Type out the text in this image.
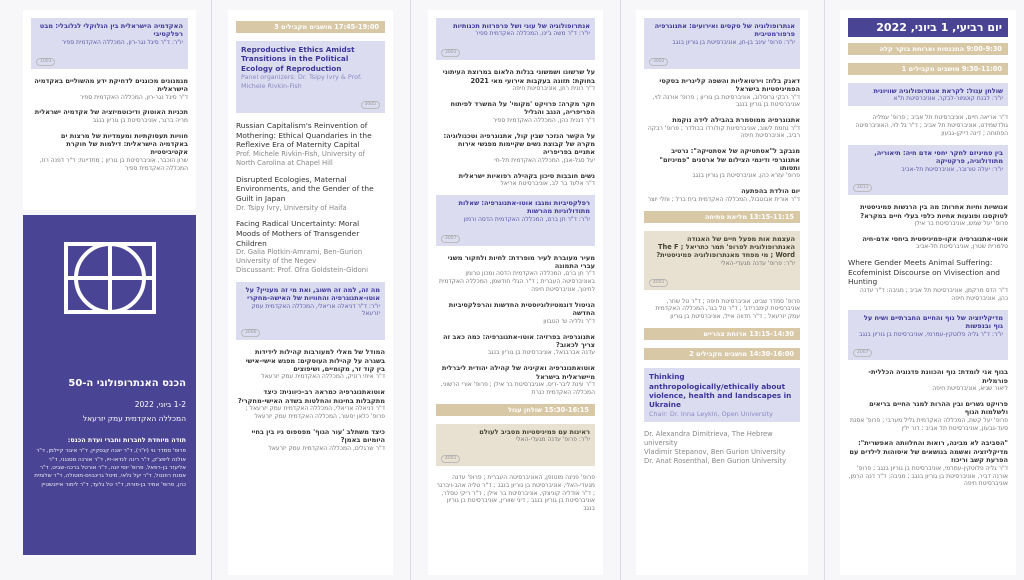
האקדמיה הישראלית בין הגלוקלי לגלובלי: מבט רפלקסיבי
יו"ר: ד"ר סיגל נגר-רון, המכללה האקדמית ספיר
1003
מגמנונים מכוננים לדחיקת ידע מהשוליים באקדמיה הישראלית
ד"ר סיגל נגר-רון, המכללה האקדמית ספיר
תכניות האוטוק ודיכוטמיזציה של אקדמיה ישראלית
מריה ברגר, אוניברסיטת בן גוריון בנגב
חוויות תעסוקתיות ומעמדיות של מרצות ים באקדמיה הישראלית: דילמות של חוקרת אקטיביסטית
שרון הוכבר, אוניברסיטת בן גוריון ; מתדיינת: ד"ר דפנה רוז, המכללה האקדמית ספיר
הכנס האנתרופולוגי ה-50
1-2 ביוני, 2022
המכללה האקדמית עמק יזרעאל
תודה מיוחדת לחברות וחברי ועדת הכנס:
פרופ' סמדר נוי (יו"ר), ד"ר יאנה קנסקיין, ד"ר איגור קיילמן, ד"ר אולנה ליפצ'ק, ד"ר רינה לנדאו-זיו, ד"ר אורנה ססנגני, ד"ר אליעזר בן-רפאל, פרופ' יוסי יונה, ד"ר אורטל ברכה-שביט, ד"ר אסנת רוזנטל, ד"ר יעל גלאי, מיטל גרינבוים-מוטולה, ד"ר שלומית כהן, פרופ' אמיר בן-פורת, ד"ר טל גלעד, ד"ר לימור אייזנשטיין
17:45-19:00 מושבים מקבילים 3
Reproductive Ethics Amidst Transitions in the Political Ecology of Reproduction
Panel organizers: Dr. Tsipy Ivry & Prof. Michele Rivkin-Fish
3005
Russian Capitalism's Reinvention of Mothering: Ethical Quandaries in the Reflexive Era of Maternity Capital
Prof. Michele Rivkin-Fish, University of North Carolina at Chapel Hill
Disrupted Ecologies, Maternal Environments, and the Gender of the Guilt in Japan
Dr. Tsipy Ivry, University of Haifa
Facing Radical Uncertainty: Moral Moods of Mothers of Transgender Children
Dr. Galia Plotkin-Amrami, Ben-Gurion University of the Negev
Discussant: Prof. Ofra Goldstein-Gidoni
מה זה, למה זה חשוב, ואת מי זה מעניין? על אוטו-אתנוגרפיה והחוויות של האישה-מחקרי
יו"ר: ד"ר דניאלה אריאלי, המכללה האקדמית עמק יזרעאל
3006
המודל של מאלי למעורבות קהילות לידידות בשגרה על קהילות העוסקים: מפגש אישי-אישי בין קוד זר, מקומיים, ושיפוצים
ד"ר איתי רזניק, המכללה האקדמית עמק יזרעאל
אוטואתנוגרפיה כמראה רב-כיוונית: כיצד מתקבלות בחינות והחלטות בשדה האישי-מחקרי?
ד"ר דניאלה אריאלי, המכללה האקדמית עמק יזרעאל ; פרופ' כלאן יסעור, המכללה האקדמית עמק יזרעאל
כיצד משתלב 'עור הגוף' מפספוס גיו בין בחיי היומיום באמן?
ד"ר שרגלים, המכללה האקדמית עמק יזרעאל
אנתרופולוגיה של עוני ושל פרפרזות תכנותיות
יו"ר: ד"ר משה ג'ינו, המכללה האקדמית ספיר
3001
על שרשונו ושמשוני בנלות הלאום במרוצת העיתוני בחוקת: תזונה בעקבות אירועי מאי 2021
ד"ר רונית רוזן, אוניברסיטת חיפה
חקר מקרה: פרויקט 'מקומי' על המשרד לפיתוח הפריפריה, הנגב והגליל
ד"ר דגנית כהן, המכללה האקדמית ספיר
על הקשר הנזכר שבין קול, אתנוגרפיה וטכנולוגיה: מקרה של קבוצת נשים שקיימות מפגשי אירוח אתניים בפריפריה
יעל סגל-אבן, המכללה האקדמית תל-חי
נשים חובבות סיכון בקהילה רפואיות ישראלית
ד"ר אלעד בר לב, אוניברסיטת אריאל
רפלקסיביות ומגבו אוטו-אתנוגרפיה: שאלות מתודולוגיות מהרשות
יו"ר: ד"ר חן ברם, המכללה האקדמית הדסה ורמון
3007
מעיר מעוברת לעיר מופרדת: לחיות ולחקור משני עברי התמונה
ד"ר חן ברם, המכללה האקדמית הדסה ומכון טרומן באוניברסיטה העברית ; ד"ר הגלי חודשמן, המכללה האקדמית לחינוך, אוניברסיטת חיפה
הניטול דוגמטיולוגיוסטית החדשות והרפלקסיביות החדשה
ד"ר נלליה ש' הטבוון
אתנוגרפיה בפרזיה: אוטו-אתנוגרפיה: כמה כאב זה צריך לכאוב?
עדנה אברבנאל, אוניברסיטת בן גוריון בנגב
אוטואתנוגרפיה ואקיניה של קהילה יהודית ליברלית מיישראלית בישראל
ד"ר עינת ליבר-ריס, אוניברסיטת בר אילן ; פרופ' אורי הרשוני, המכללה האקדמית כנרת
15:30-16:15 שולחן עגול
ראינות עם פמיניסטיות מסביב לעולם
יו"ר: פרופ' עדנה מגעדי-האלי
4001
פרופ' פנינה מוטזפן, האוניברסיטה העברית ; פרופ' עדנה מגעדי-האלי, אוניברסיטת בן גוריון בנגב ; ד"ר טליה אהב-ויברגר ; ד"ר אודליה קוניצקי, אוניברסיטת בר אילן ; ד"ר ריקי טסלר, אוניברסיטת בן גוריון בנגב ; דיגי שוורין, אוניברסיטת בן גוריון בנגב
אנתרופולוגיה של סקסים ואירועים: אתנוגרפיה פרפורמטיבית
יו"ר: פרופ' עינב בן-חן, אוניברסיטת בן גוריון בנגב
3002
דאנק בלוז: וירטואליות והשפה קלינרית בסקסי הפמיניסטיות בישראל
ד"ר רבקי גרוסלוב, אוניברסיטת בן גוריון ; פרופ' אורנה לוי, אוניברסיטת בן גוריון בנגב
אתנוגרפיה ממוסמרת בהבילה לידה נוקמת
ד"ר נחמת לשוב, אוניברסיטת קולורדו בבולדר ; פרופ' רבקה רביב, אוניברסיטת חיפה
מנבקב ל"אסתטיקה של אסתטיקה": נרטיב אתנוגרפי ודינמי הצילום של ארסנים "פמיניזם" ותסותו
פרופ' עזרא כהן, אוניברסיטת בן גוריון בנגב
יום הולדת בהפתעה
ד"ר אורית אבוטבול, המכללה האקדמית בית ברל ; וחלי יוצר
13:15-11:15 מליאת פתיחה
העצמת אות מפעל חיים של האגודה האנתרופולוגית לפרופ' תמר כתריאל ; The F Word ; מי מפחד מאנתרופולוגיה פמיניסטית?
יו"ר: פרופ' עדנה מגעדי-האלי
4001
פרופ' סמדר שביט, אוניברסיטת חיפה ; ד"ר טל שחר, אוניברסיטת קימברידג' ; ד"ר טל בגר, המכללה האקדמית עמק יזרעאל ; ד"ר חדווה אייל, אוניברסיטת בן גוריון
13:15-14:30 ארוחת צהריים
14:30-16:00 מושבים מקבילים 2
Thinking anthropologically/ethically about violence, health and landscapes in Ukraine
Chair: Dr. Inna Leykin, Open University
Dr. Alexandra Dimitrieva, The Hebrew university
Vladimir Stepanov, Ben Gurion University
Dr. Anat Rosenthal, Ben Gurion University
יום רביעי, 1 ביוני, 2022
9:00-9:30 התכנסות וארוחת בוקר קלה
9:30-11:00 מושבים מקבילים 1
שולחן עגול: לקראת אנתרופולוגיה שוויונית
יו"ר: לבנת קוטמור-לבקר, אוניברסיטת ת"א
ד"ר אריאה חיים, אוניברסיטת תל אביב ; פרופ' עמליה גולדשמידט, אוניברסיטת תל אביב ; ד"ר גל לוי, האוניברסיטה הפתוחה ; דינה דייקן-גבעון
בין פמיניזם לחקר יחסי אדם חיה: תיאוריה, מתודולוגיה, פרקטיקה
יו"ר: יעלה טורובר, אוניברסיטת תל-אביב
2011
אנושיות וחיות אחרות: מה בין הרגשות פמיניסטית לטוקסנו ופוגעות אחיות כלפי בעלי חיים במקרא?
פרופ' יעל שמש, אוניברסיטת בר אילן
אוטו-אתנוגרפיה אקו-פמיניסטית ביחסי אדם-חיה
טלמרית שטרן, אוניברסיטת תל-אביב
Where Gender Meets Animal Suffering: Ecofeminist Discourse on Vivisection and Hunting
ד"ר הדס מרקמן, אוניברסיטת תל אביב ; מגיבה: ד"ר עדנה כהן, אוניברסיטת חיפה
מדיקליזציה של גוף והחיים החברתיים ושיח על גוף ובנפשות
יו"ר: ד"ר גליה פלוטקין-עמרמי, אוניברסיטת בן גוריון בנגב
2007
בגוף אני לומדת: גוף והכוונת פדגוגיה הכללית- פורמלית
ליאור שגיא, אוניברסיטת חיפה
פרויקט גשרים ובין ההרות למגר החיים בריאים ולשלמות הגוף
פרופ' יעל קשת, המכללה האקדמית גליל מערבי ; פרופ' אסנת סעד-גבעון, אוניברסיטת תל אביב ; דור ילין
"הסביבה לא מבינה, רואות והחלוותה האפשרית": מדיקליזציה ואשמה בנושאים של איסוהות לילדים עם הפרעת קשב וריכוז
ד"ר גליה פלוטקין-עמרמי, אוניברסיטת בן גוריון בנגב ; פרופ' אורנה דביר, אוניברסיטת בן גוריון בנגב ; מגיבה: ד"ר דנה הרמן, אוניברסיטת חיפה
